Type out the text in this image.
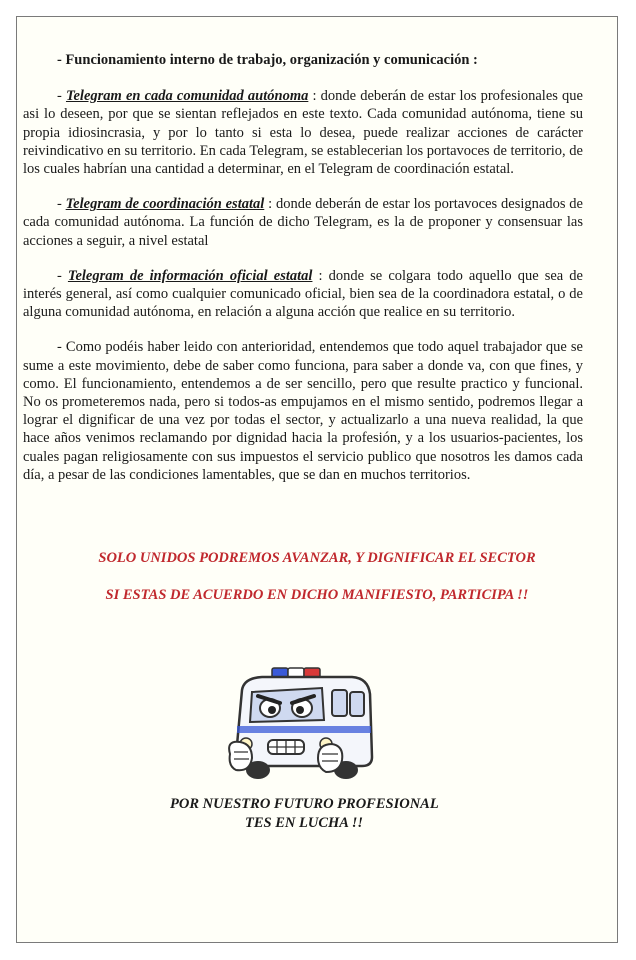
- Funcionamiento interno de trabajo, organización y comunicación :

- Telegram en cada comunidad autónoma : donde deberán de estar los profesionales que asi lo deseen, por que se sientan reflejados en este texto. Cada comunidad autónoma, tiene su propia idiosincrasia, y por lo tanto si esta lo desea, puede realizar acciones de carácter reivindicativo en su territorio. En cada Telegram, se establecerian los portavoces de territorio, de los cuales habrían una cantidad a determinar, en el Telegram de coordinación estatal.

- Telegram de coordinación estatal : donde deberán de estar los portavoces designados de cada comunidad autónoma. La función de dicho Telegram, es la de proponer y consensuar las acciones a seguir, a nivel estatal

- Telegram de información oficial estatal : donde se colgara todo aquello que sea de interés general, así como cualquier comunicado oficial, bien sea de la coordinadora estatal, o de alguna comunidad autónoma, en relación a alguna acción que realice en su territorio.

- Como podéis haber leido con anterioridad, entendemos que todo aquel trabajador que se sume a este movimiento, debe de saber como funciona, para saber a donde va, con que fines, y como. El funcionamiento, entendemos a de ser sencillo, pero que resulte practico y funcional. No os prometeremos nada, pero si todos-as empujamos en el mismo sentido, podremos llegar a lograr el dignificar de una vez por todas el sector, y actualizarlo a una nueva realidad, la que hace años venimos reclamando por dignidad hacia la profesión, y a los usuarios-pacientes, los cuales pagan religiosamente con sus impuestos el servicio publico que nosotros les damos cada día, a pesar de las condiciones lamentables, que se dan en muchos territorios.

SOLO UNIDOS PODREMOS AVANZAR, Y DIGNIFICAR EL SECTOR
SI ESTAS DE ACUERDO EN DICHO MANIFIESTO, PARTICIPA !!
POR NUESTRO FUTURO PROFESIONAL
TES EN LUCHA !!
